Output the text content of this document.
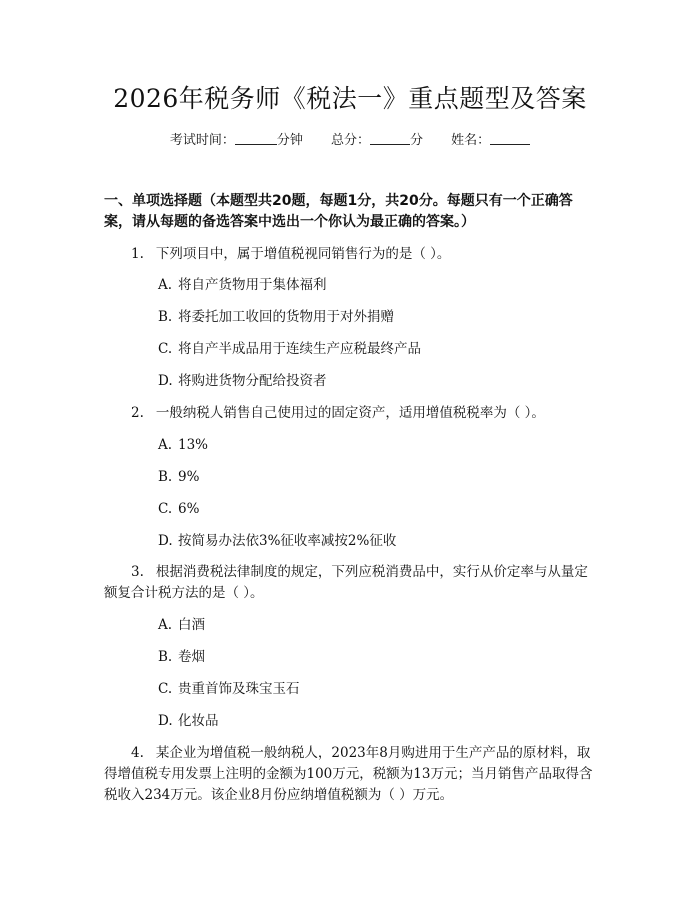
2026年税务师《税法一》重点题型及答案
考试时间：	分钟 总分：	分 姓名：
一、单项选择题（本题型共20题，每题1分，共20分。每题只有一个正确答案，请从每题的备选答案中选出一个你认为最正确的答案。）
1. 下列项目中，属于增值税视同销售行为的是（ ）。
A. 将自产货物用于集体福利
B. 将委托加工收回的货物用于对外捐赠
C. 将自产半成品用于连续生产应税最终产品
D. 将购进货物分配给投资者
2. 一般纳税人销售自己使用过的固定资产，适用增值税税率为（ ）。
A. 13%
B. 9%
C. 6%
D. 按简易办法依3%征收率减按2%征收
3. 根据消费税法律制度的规定，下列应税消费品中，实行从价定率与从量定额复合计税方法的是（ ）。
A. 白酒
B. 卷烟
C. 贵重首饰及珠宝玉石
D. 化妆品
4. 某企业为增值税一般纳税人，2023年8月购进用于生产产品的原材料，取得增值税专用发票上注明的金额为100万元，税额为13万元；当月销售产品取得含税收入234万元。该企业8月份应纳增值税额为（ ）万元。
